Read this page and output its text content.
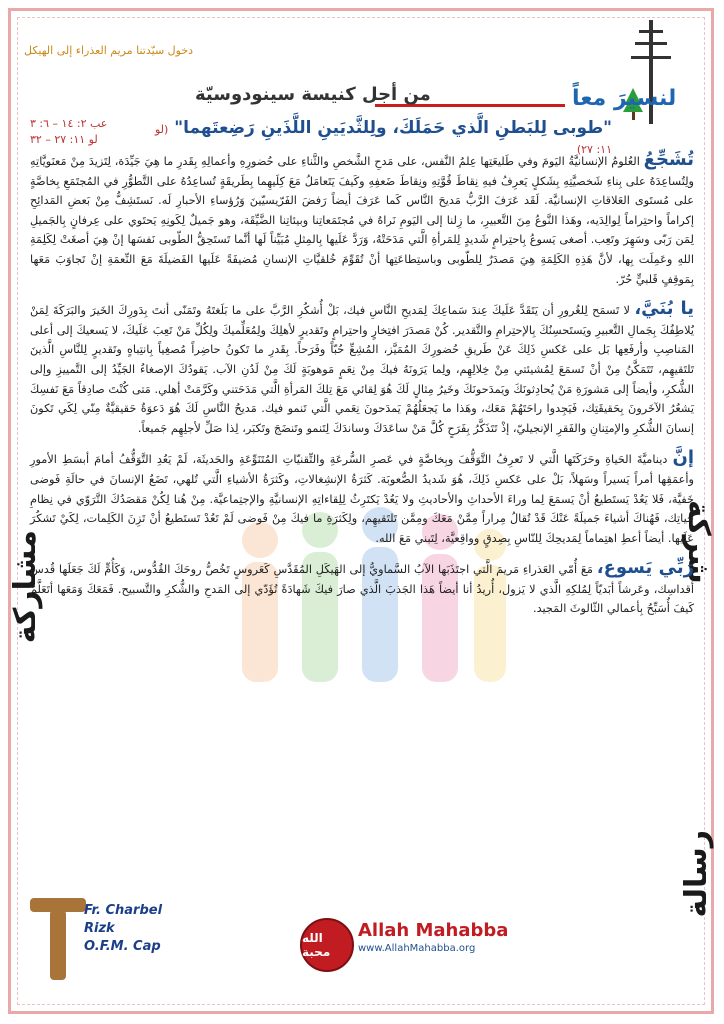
دخول سيّدتنا مريم العذراء إلى الهيكل
لنسيرَ معاً
من أجل كنيسة سينودوسيّة
عب ٢: ١٤ – ٦: ٣
لو ١١: ٢٧ – ٣٢
"طوبى لِلبَطنِ الَّذي حَمَلَكَ، ولِلثَّديَينِ اللَّذَينِ رَضِعتَهما" (لو ١١: ٢٧)
شركة
مشاركة
رسالة

تُشَجِّعُ العُلومُ الإنسانيَّةُ اليَومَ وفي طَليعَتِها عِلمُ النَّفس، على مَدحِ الشَّخصِ والثَّناءِ على حُضورِهِ وأعمالِهِ بِقَدرِ ما هِيَ جَيِّدَة، لِتَزيدَ مِنْ مَعنَويَّاتِهِ ولِتُساعِدَهُ على بِناءِ شَخصيَّتِهِ بِشَكلٍ يَعرِفُ فيهِ نِقاطَ قُوَّتِهِ ونِقاطَ ضَعفِهِ وكَيفَ يَتَعامَلُ مَعَ كِلَيهِما بِطَريقَةٍ تُساعِدُهُ على التَّطوُّرِ في المُجتَمَعِ بِخاصَّةٍ على مُستَوى العَلاقاتِ الإنسانيَّة. لَقَد عَرَفَ الرَّبُّ مَديحَ النَّاس كَما عَرَفَ أيضاً رَفضَ الفَرّيسيّينَ وَرُؤساءِ الأحبارِ لَه. نَستَشِفُّ مِنْ بَعضِ المَدائِحِ إكراماً واحتِراماً لِوالِدَيه، وهَذا النَّوعُ مِنَ التَّعبيرِ، ما زِلنا إلى اليَومِ نَراهُ في مُجتَمَعاتِنا وبيئاتِنا الضَّيِّقَة، وهو جَميلٌ لِكَونِهِ يَحتَوي على عِرفانٍ بِالجَميلِ لِمَن رَبّى وسَهِرَ وتَعِب. أصغى يَسوعُ بِاحتِرامٍ شَديدٍ لِلمَرأةِ الَّتي مَدَحَتْهُ، وَرَدَّ عَلَيها بِالمِثلِ مُبَيِّناً لَها أنَّما تَستَحِقُّ الطّوبى نَفسَها إنْ هِيَ أصغَتْ لِكَلِمَةِ اللهِ وعَمِلَت بِها، لأنَّ هَذِهِ الكَلِمَةِ هِيَ مَصدَرٌ لِلطّوبى وباستِطاعَتِها أنْ تُقَوِّمَ خُلقيَّاتِ الإنسانِ مُضيفَةً عَلَيها الفَضيلَةَ مَعَ النِّعمَةِ إنْ تَجاوَبَ مَعَها بِمَوقِفٍ قَلبيٍّ حُرّ.

يا بُنَيَّ، لا تَسمَح لِلغُرورِ أن يَتَقَدَّ عَلَيكَ عِندَ سَماعِكَ لِمَديحِ النَّاسِ فيك، بَلْ أُشكُرِ الرَّبَّ على ما بَلَغتَهُ وتَمَنّى أنتَ بِدَورِكَ الخَيرَ والبَرَكَةَ لِمَنْ يُلاطِفُكَ بِجَمالِ التَّعبيرِ ويَستَحسِنُكَ بِالإحتِرامِ والتَّقدير. كُنْ مَصدَرَ افتِخارٍ واحتِرامٍ وتَقديرٍ لأهلِكَ ولِمُعَلِّميكَ ولِكُلِّ مَنْ تَعِبَ عَلَيكَ، لا يَسعيكَ إلى أعلى المَناصِبِ وأرفَعِها بَل على عَكسِ ذَلِكَ عَنْ طَريقِ حُضورِكَ المُمَيَّز، المُشِعِّ حُبّاً وفَرَحاً. بِقَدرِ ما تَكونُ حاضِراً مُصغِياً بِانتِباهٍ وتَقديرٍ لِلنَّاسِ الَّذينَ تَلتَقيهِم، تَتَمَكَّنُ مِنْ أنْ تَسمَعَ لِمُشيئتي مِنْ خِلالِهِم، ولِما يَرَونَهُ فيكَ مِنْ نِعَمٍ مَوهوبَةٍ لَكَ مِنْ لَدُنِ الآب. يَقودُكَ الإصغاءُ الجَيِّدُ إلى التَّمييزِ وإلى الشُّكرِ، وأيضاً إلى مَشورَةِ مَنْ يُحادِثونَكَ ويَمدَحونَكَ وخَيرُ مِثالٍ لَكَ هُوَ لِقائي مَعَ تِلكَ المَرأةِ الَّتي مَدَحَتني وكَرَّمَتْ أهلي. مَتى كُنْتَ صادِقاً مَعَ نَفسِكَ يَشعُرُ الآخَرونَ بِحَقيقَتِك، فَيَجِدوا راحَتَهُمْ مَعَك، وهَذا ما يَجعَلُهُمْ يَمدَحونَ نِعَمي الَّتي تَنمو فيك. مَديحُ النَّاسِ لَكَ هُوَ دَعوَةٌ حَقيقيَّةٌ مِنّي لِكَي تَكونَ إنسانَ الشُّكرِ والإمتِنانِ والفَقرِ الإنجيليّ، إذْ تَتَذَكَّرُ بِفَرَحٍ كُلَّ مَنْ ساعَدَكَ وساندَكَ لِتَنمو وتَنضَجَ وتَكبَر، لِذا صَلِّ لأجلِهِم جَميعاً.

إنَّ ديناميَّةَ الحَياةِ وحَرَكَتَها الَّتي لا تَعرِفُ التَّوَقُّفَ وبِخاصَّةٍ في عَصرِ السُّرعَةِ والتِّقنيّاتِ المُتَنَوِّعَةِ والحَديثَة، لَمْ يَعُدِ التَّوَقُّفُ أمامَ أبسَطِ الأمورِ وأعمَقِها أمراً يَسيراً وسَهلاً، بَلْ على عَكسِ ذَلِكَ، هُوَ شَديدُ الصُّعوبَة. كَثرَةُ الإنشِغالاتِ، وكَثرَةُ الأشياءِ الَّتي تُلهي، تَضَعُ الإنسانَ في حالَةِ فَوضى خَفيَّة، فَلا يَعُدْ يَستَطيعُ أنْ يَسمَعَ لِما وراءَ الأحداثِ والأحاديثِ ولا يَعُدْ يَكتَرِثُ لِلِقاءاتِهِ الإنسانيَّةِ والإجتِماعيَّة. مِنْ هُنا لِكُنْ مَقصَدُكَ التَّرَوّي في نِظامِ حَياتِك، فَهُناكَ أشياءَ جَميلَةً عَنْكَ قَدْ تُقالُ مِراراً مِمَّنْ مَعَكَ ومِمَّن تَلتَقيهِم، ولِكَثرَةِ ما فيكَ مِنْ فَوضى لَمْ تَعُدْ تَستَطيعُ أنْ تَزِنَ الكَلِمات، لِكَيْ تَشكُرَ عَلَيها. أيضاً أعطِ اهتِماماً لِمَديحِكَ لِلنّاسِ بِصِدقٍ وواقِعيَّة، لِتَبني مَعَ الله.

رَبِّي يَسوع، مَعَ أُمّي العَذراءِ مَريمَ الَّتي اجتَذَبَها الآبُ السَّماويُّ إلى الهَيكَلِ المُقَدَّسِ كَعَروسٍ تَخُصُّ روحَكَ القُدُّوس، وَكَأُمٍّ لَكَ جَعَلَها قُدسَ أقداسِك، وعَرشاً أبَديّاً لِمُلكِهِ الَّذي لا يَزول، أُريدُ أنا أيضاً هَذا الجَذبَ الَّذي صارَ فيكَ شَهادَةً تُؤَدّي إلى المَدحِ والشُّكرِ والتَّسبيح. فَمَعَكَ وَمَعَها أتَعَلَّمُ كَيفَ أُسَبِّحُ بِأعمالي الثّالوثَ المَجيد.

Fr. Charbel Rizk
O.F.M. Cap
الله محبة
Allah Mahabba
www.AllahMahabba.org
